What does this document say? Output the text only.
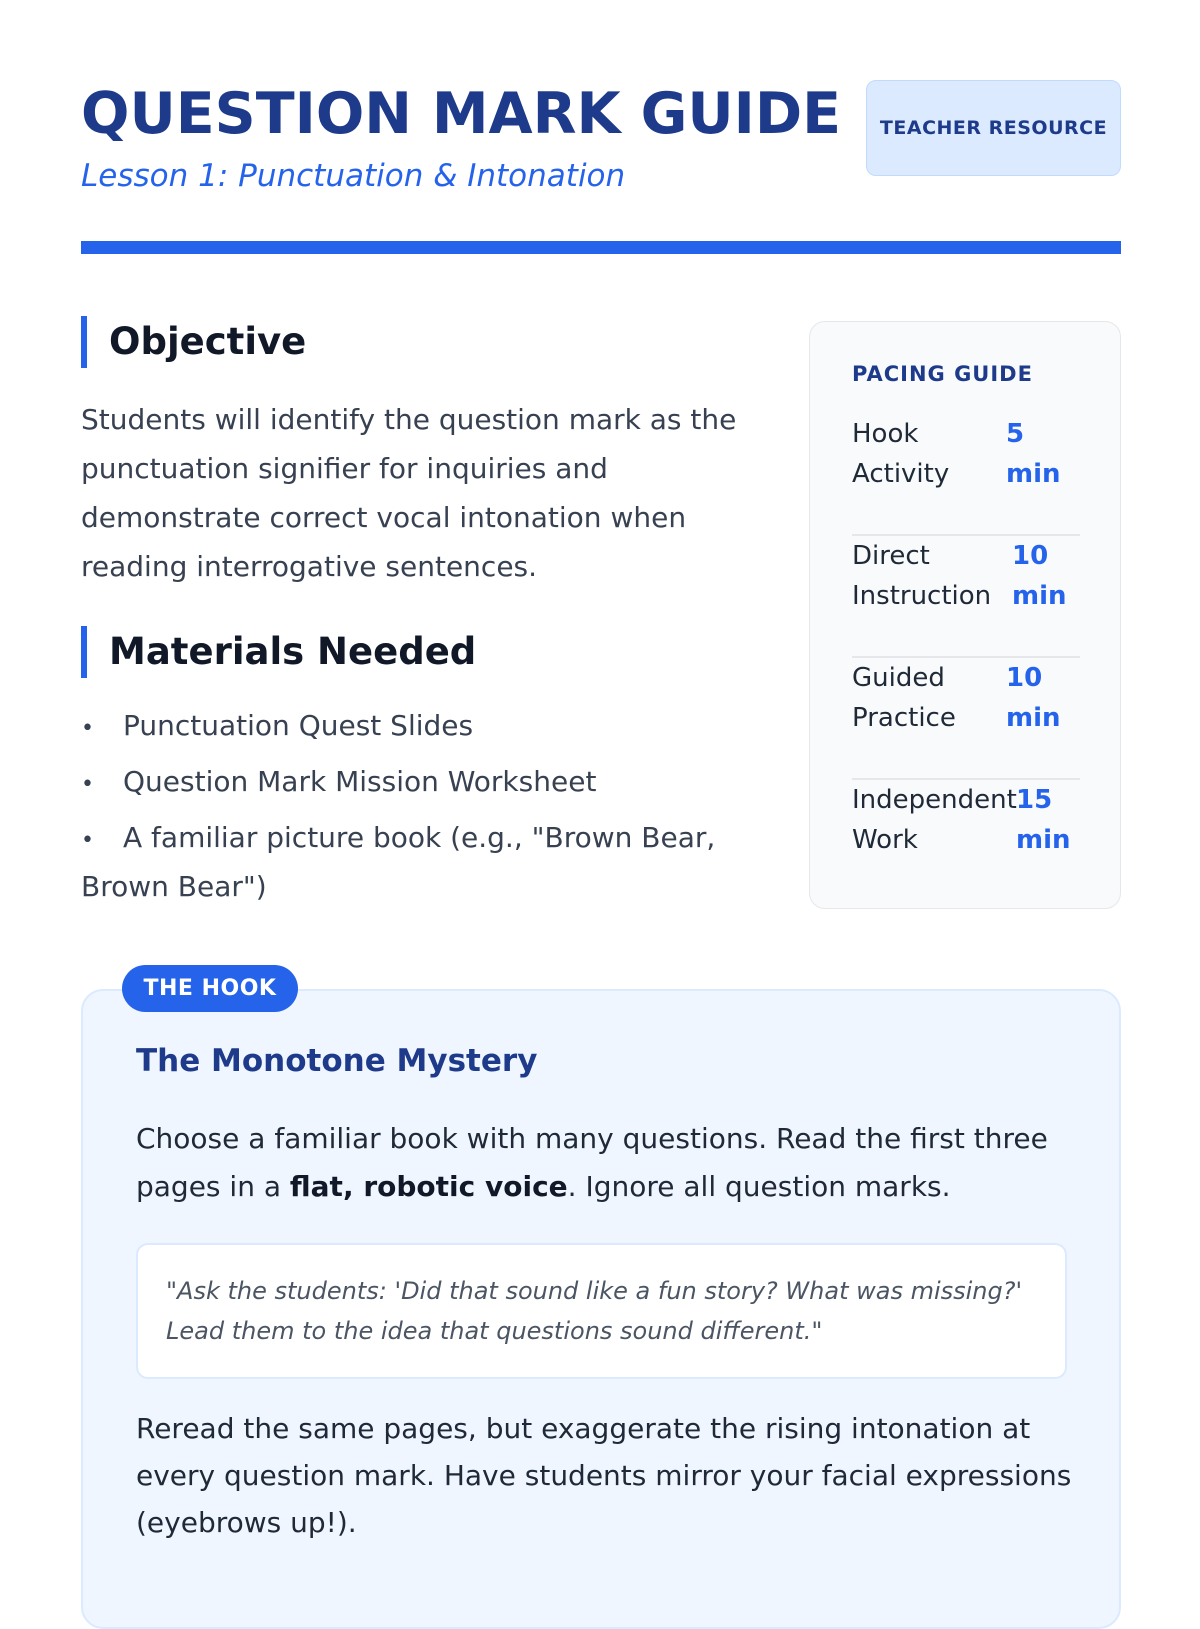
QUESTION MARK GUIDE
Lesson 1: Punctuation & Intonation
TEACHER RESOURCE
Objective
Students will identify the question mark as the punctuation signifier for inquiries and demonstrate correct vocal intonation when reading interrogative sentences.
Materials Needed
• Punctuation Quest Slides
• Question Mark Mission Worksheet
• A familiar picture book (e.g., "Brown Bear, Brown Bear")
PACING GUIDE
Hook Activity
5 min
Direct Instruction
10 min
Guided Practice
10 min
Independent Work
15 min
THE HOOK
The Monotone Mystery
Choose a familiar book with many questions. Read the first three pages in a flat, robotic voice. Ignore all question marks.
"Ask the students: 'Did that sound like a fun story? What was missing?' Lead them to the idea that questions sound different."
Reread the same pages, but exaggerate the rising intonation at every question mark. Have students mirror your facial expressions (eyebrows up!).
